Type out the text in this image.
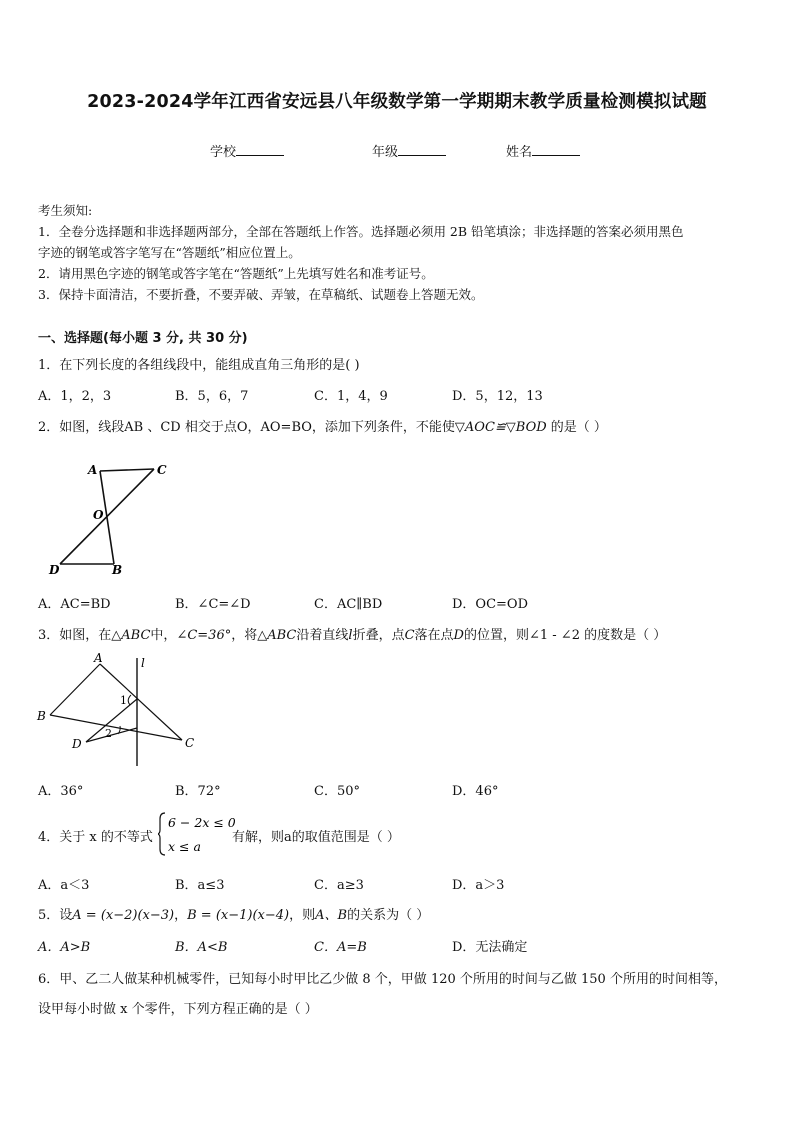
2023-2024学年江西省安远县八年级数学第一学期期末教学质量检测模拟试题
学校	年级	姓名
考生须知:
1．全卷分选择题和非选择题两部分，全部在答题纸上作答。选择题必须用 2B 铅笔填涂；非选择题的答案必须用黑色
字迹的钢笔或答字笔写在“答题纸”相应位置上。
2．请用黑色字迹的钢笔或答字笔在“答题纸”上先填写姓名和准考证号。
3．保持卡面清洁，不要折叠，不要弄破、弄皱，在草稿纸、试题卷上答题无效。
一、选择题(每小题 3 分, 共 30 分)
1．在下列长度的各组线段中，能组成直角三角形的是( )
A．1，2，3	B．5，6，7	C．1，4，9	D．5，12，13
2．如图，线段AB 、CD 相交于点O，AO=BO，添加下列条件，不能使▽AOC≌▽BOD 的是（ ）
A	C
O
D	B
A．AC=BD	B．∠C=∠D	C．AC∥BD	D．OC=OD
3．如图，在△ABC中，∠C=36°，将△ABC沿着直线l折叠，点C落在点D的位置，则∠1 - ∠2 的度数是（ ）
A	l
1
B
2
D	C
A．36°	B．72°	C．50°	D．46°
4．关于 x 的不等式
6 − 2x ≤ 0
x ≤ a
有解，则a的取值范围是（ ）
A．a＜3	B．a≤3	C．a≥3	D．a＞3
5．设A = (x−2)(x−3)，B = (x−1)(x−4)，则A、B的关系为（ ）
A．A>B	B．A<B	C．A=B	D．无法确定
6．甲、乙二人做某种机械零件，已知每小时甲比乙少做 8 个，甲做 120 个所用的时间与乙做 150 个所用的时间相等，
设甲每小时做 x 个零件，下列方程正确的是（ ）
